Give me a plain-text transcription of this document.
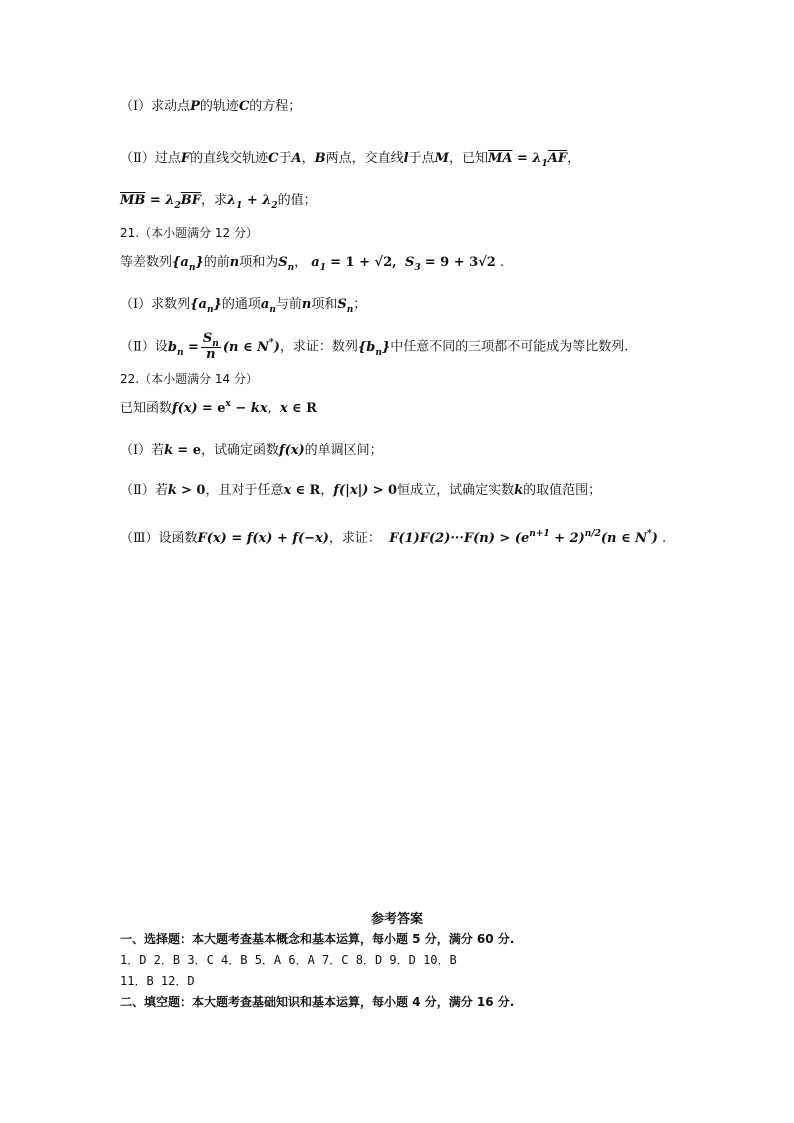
（Ⅰ）求动点P的轨迹C的方程；
（Ⅱ）过点F的直线交轨迹C于A，B两点，交直线l于点M，已知$\overline{MA} = \lambda_1\overline{AF}$，
$\overline{MB} = \lambda_2\overline{BF}$，求$\lambda_1 + \lambda_2$的值；
21.（本小题满分 12 分）
等差数列$\{a_n\}$的前n项和为$S_n$， $a_1 = 1 + √2$, $S_3 = 9 + 3√2$ .
（Ⅰ）求数列$\{a_n\}$的通项$a_n$与前n项和$S_n$；
（Ⅱ）设$b_n = \frac{S_n}{n} (n$ ∈ N*)，求证：数列$\{b_n\}$中任意不同的三项都不可能成为等比数列.
22.（本小题满分 14 分）
已知函数$f(x) = e^x$ − kx,  x ∈ R
（Ⅰ）若k = e，试确定函数f(x)的单调区间；
（Ⅱ）若k > 0，且对于任意x ∈ R，f(|x|) > 0恒成立，试确定实数k的取值范围；
（Ⅲ）设函数F(x) = f(x) + f(−x)，求证： $F(1)F(2)\cdot\cdot\cdot F(n) > (e^{n+1} + 2)^{n/2}(n$ ∈ N*) .
参考答案
一、选择题：本大题考查基本概念和基本运算，每小题 5 分，满分 60 分.
1．D 2．B 3．C 4．B 5．A 6．A 7．C 8．D 9．D 10．B
11．B 12．D
二、填空题：本大题考查基础知识和基本运算，每小题 4 分，满分 16 分.
